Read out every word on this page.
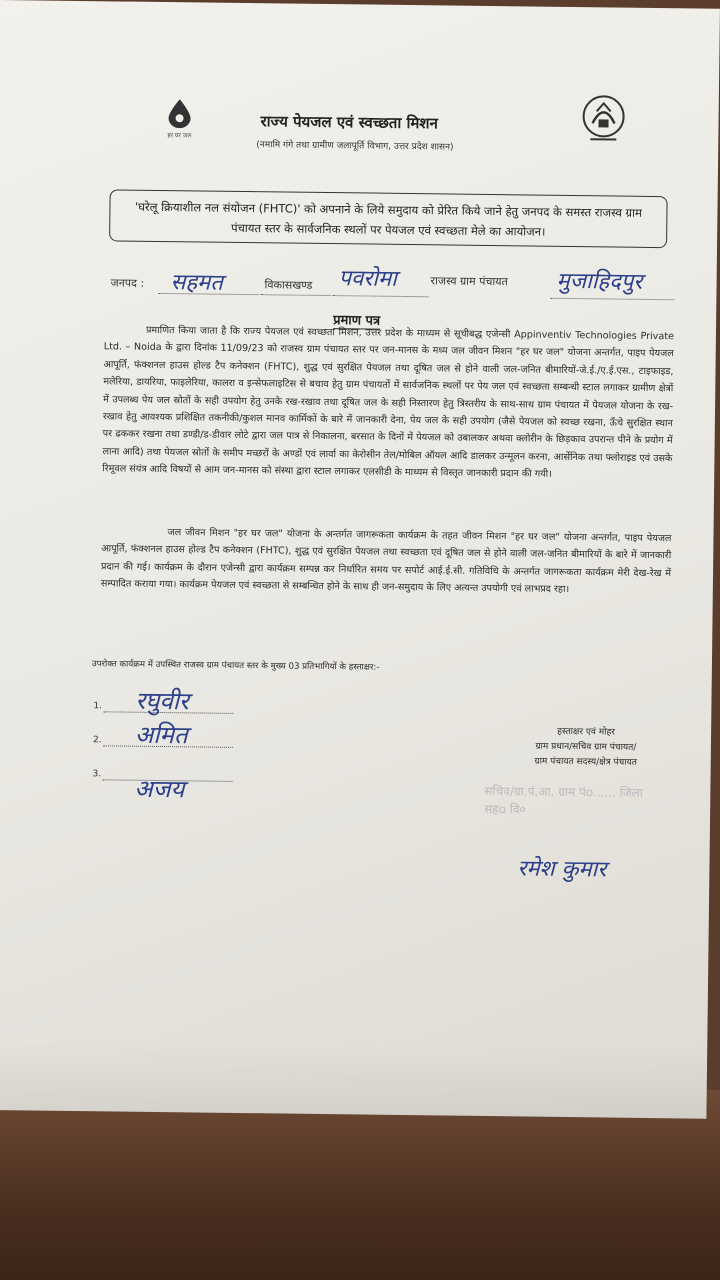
हर घर जल
राज्य पेयजल एवं स्वच्छता मिशन
(नमामि गंगे तथा ग्रामीण जलापूर्ति विभाग, उत्तर प्रदेश शासन)
'घरेलू क्रियाशील नल संयोजन (FHTC)' को अपनाने के लिये समुदाय को प्रेरित किये जाने हेतु जनपद के समस्त राजस्व ग्राम पंचायत स्तर के सार्वजनिक स्थलों पर पेयजल एवं स्वच्छता मेले का आयोजन।
जनपद : सहमत	विकासखण्ड पवरोमा	राजस्व ग्राम पंचायत मुजाहिदपुर
प्रमाण पत्र
प्रमाणित किया जाता है कि राज्य पेयजल एवं स्वच्छता मिशन, उत्तर प्रदेश के माध्यम से सूचीबद्ध एजेन्सी Appinventiv Technologies Private Ltd. – Noida के द्वारा दिनांक 11/09/23 को राजस्व ग्राम पंचायत स्तर पर जन-मानस के मध्य जल जीवन मिशन "हर घर जल" योजना अन्तर्गत, पाइप पेयजल आपूर्ति, फंक्शनल हाउस होल्ड टैप कनेक्शन (FHTC), शुद्ध एवं सुरक्षित पेयजल तथा दूषित जल से होने वाली जल-जनित बीमारियों-जे.ई./ए.ई.एस., टाइफाइड, मलेरिया, डायरिया, फाइलेरिया, कालरा व इन्सेफलाइटिस से बचाव हेतु ग्राम पंचायतों में सार्वजनिक स्थलों पर पेय जल एवं स्वच्छता सम्बन्धी स्टाल लगाकर ग्रामीण क्षेत्रों में उपलब्ध पेय जल स्रोतों के सही उपयोग हेतु उनके रख-रखाव तथा दूषित जल के सही निस्तारण हेतु त्रिस्तरीय के साथ-साथ ग्राम पंचायत में पेयजल योजना के रख-रखाव हेतु आवश्यक प्रशिक्षित तकनीकी/कुशल मानव कार्मिकों के बारे में जानकारी देना, पेय जल के सही उपयोग (जैसे पेयजल को स्वच्छ रखना, ऊँचे सुरक्षित स्थान पर ढककर रखना तथा डण्डी/ड-डीवार लोटे द्वारा जल पात्र से निकालना, बरसात के दिनों में पेयजल को उबालकर अथवा क्लोरीन के छिड़काव उपरान्त पीने के प्रयोग में लाना आदि) तथा पेयजल स्रोतों के समीप मच्छरों के अण्डों एवं लार्वा का केरोसीन तेल/मोबिल ऑयल आदि डालकर उन्मूलन करना, आर्सेनिक तथा फ्लोराइड एवं उसके रिमूवल संयंत्र आदि विषयों से आम जन-मानस को संस्था द्वारा स्टाल लगाकर एलसीडी के माध्यम से विस्तृत जानकारी प्रदान की गयी।
जल जीवन मिशन "हर घर जल" योजना के अन्तर्गत जागरूकता कार्यक्रम के तहत जीवन मिशन "हर घर जल" योजना अन्तर्गत, पाइप पेयजल आपूर्ति, फंक्शनल हाउस होल्ड टैप कनेक्शन (FHTC), शुद्ध एवं सुरक्षित पेयजल तथा स्वच्छता एवं दूषित जल से होने वाली जल-जनित बीमारियों के बारे में जानकारी प्रदान की गई। कार्यक्रम के दौरान एजेन्सी द्वारा कार्यक्रम सम्पन्न कर निर्धारित समय पर सपोर्ट आई.ई.सी. गतिविधि के अन्तर्गत जागरूकता कार्यक्रम मेरी देख-रेख में सम्पादित कराया गया। कार्यक्रम पेयजल एवं स्वच्छता से सम्बन्धित होने के साथ ही जन-समुदाय के लिए अत्यन्त उपयोगी एवं लाभप्रद रहा।
उपरोक्त कार्यक्रम में उपस्थित राजस्व ग्राम पंचायत स्तर के मुख्य 03 प्रतिभागियों के हस्ताक्षर:-
1. रघुवीर
2. अमित
3.
अजय
हस्ताक्षर एवं मोहर
ग्राम प्रधान/सचिव ग्राम पंचायत/
ग्राम पंचायत सदस्य/क्षेत्र पंचायत
सचिव/ग्रा.पं.आ. ग्राम पंo...... जिला सहo वि०
रमेश कुमार
